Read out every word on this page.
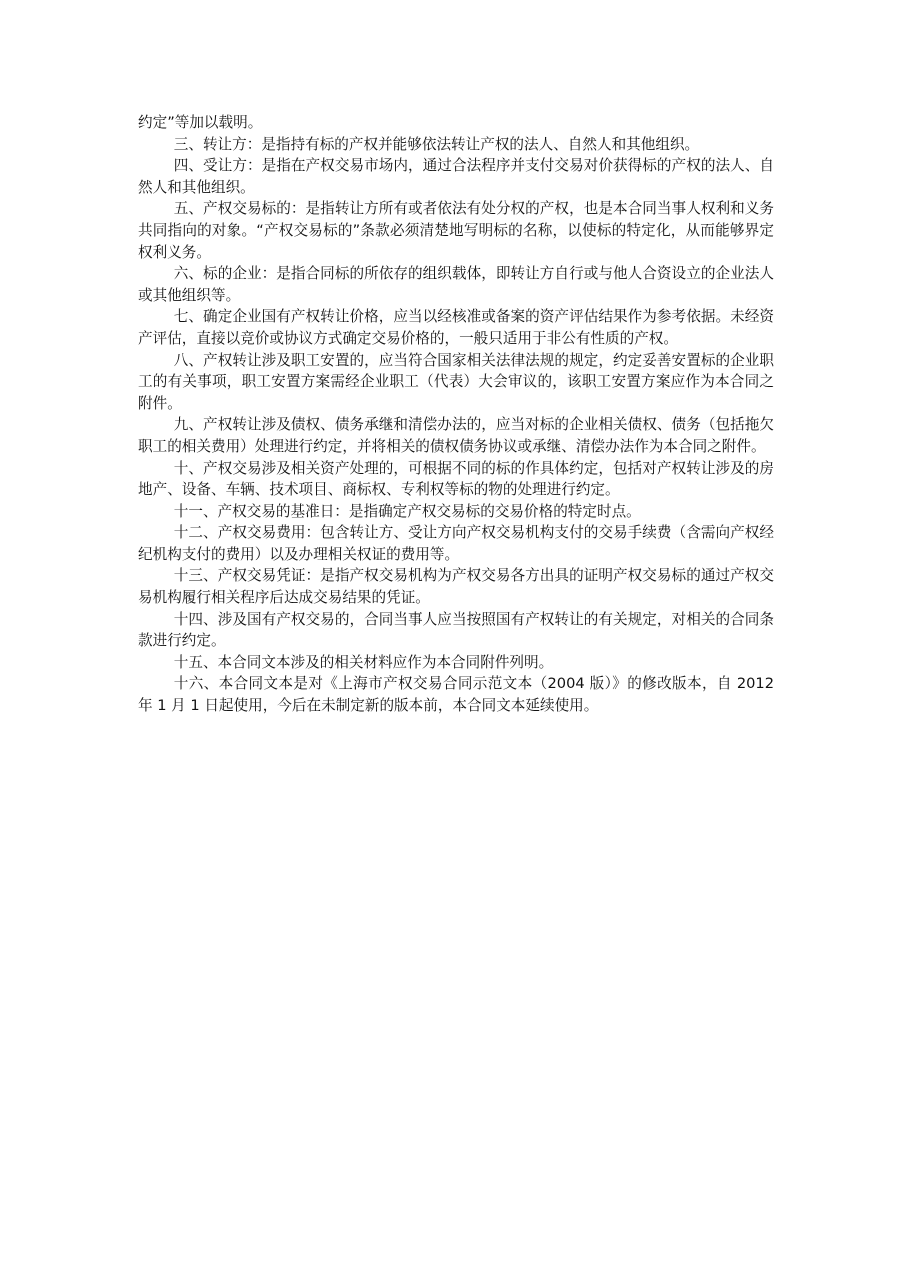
约定”等加以载明。

三、转让方：是指持有标的产权并能够依法转让产权的法人、自然人和其他组织。

四、受让方：是指在产权交易市场内，通过合法程序并支付交易对价获得标的产权的法人、自然人和其他组织。

五、产权交易标的：是指转让方所有或者依法有处分权的产权，也是本合同当事人权利和义务共同指向的对象。“产权交易标的”条款必须清楚地写明标的名称，以使标的特定化，从而能够界定权利义务。

六、标的企业：是指合同标的所依存的组织载体，即转让方自行或与他人合资设立的企业法人或其他组织等。

七、确定企业国有产权转让价格，应当以经核准或备案的资产评估结果作为参考依据。未经资产评估，直接以竞价或协议方式确定交易价格的，一般只适用于非公有性质的产权。

八、产权转让涉及职工安置的，应当符合国家相关法律法规的规定，约定妥善安置标的企业职工的有关事项，职工安置方案需经企业职工（代表）大会审议的，该职工安置方案应作为本合同之附件。

九、产权转让涉及债权、债务承继和清偿办法的，应当对标的企业相关债权、债务（包括拖欠职工的相关费用）处理进行约定，并将相关的债权债务协议或承继、清偿办法作为本合同之附件。

十、产权交易涉及相关资产处理的，可根据不同的标的作具体约定，包括对产权转让涉及的房地产、设备、车辆、技术项目、商标权、专利权等标的物的处理进行约定。

十一、产权交易的基准日：是指确定产权交易标的交易价格的特定时点。

十二、产权交易费用：包含转让方、受让方向产权交易机构支付的交易手续费（含需向产权经纪机构支付的费用）以及办理相关权证的费用等。

十三、产权交易凭证：是指产权交易机构为产权交易各方出具的证明产权交易标的通过产权交易机构履行相关程序后达成交易结果的凭证。

十四、涉及国有产权交易的，合同当事人应当按照国有产权转让的有关规定，对相关的合同条款进行约定。

十五、本合同文本涉及的相关材料应作为本合同附件列明。

十六、本合同文本是对《上海市产权交易合同示范文本（2004 版）》的修改版本，自 2012 年 1 月 1 日起使用，今后在未制定新的版本前，本合同文本延续使用。
